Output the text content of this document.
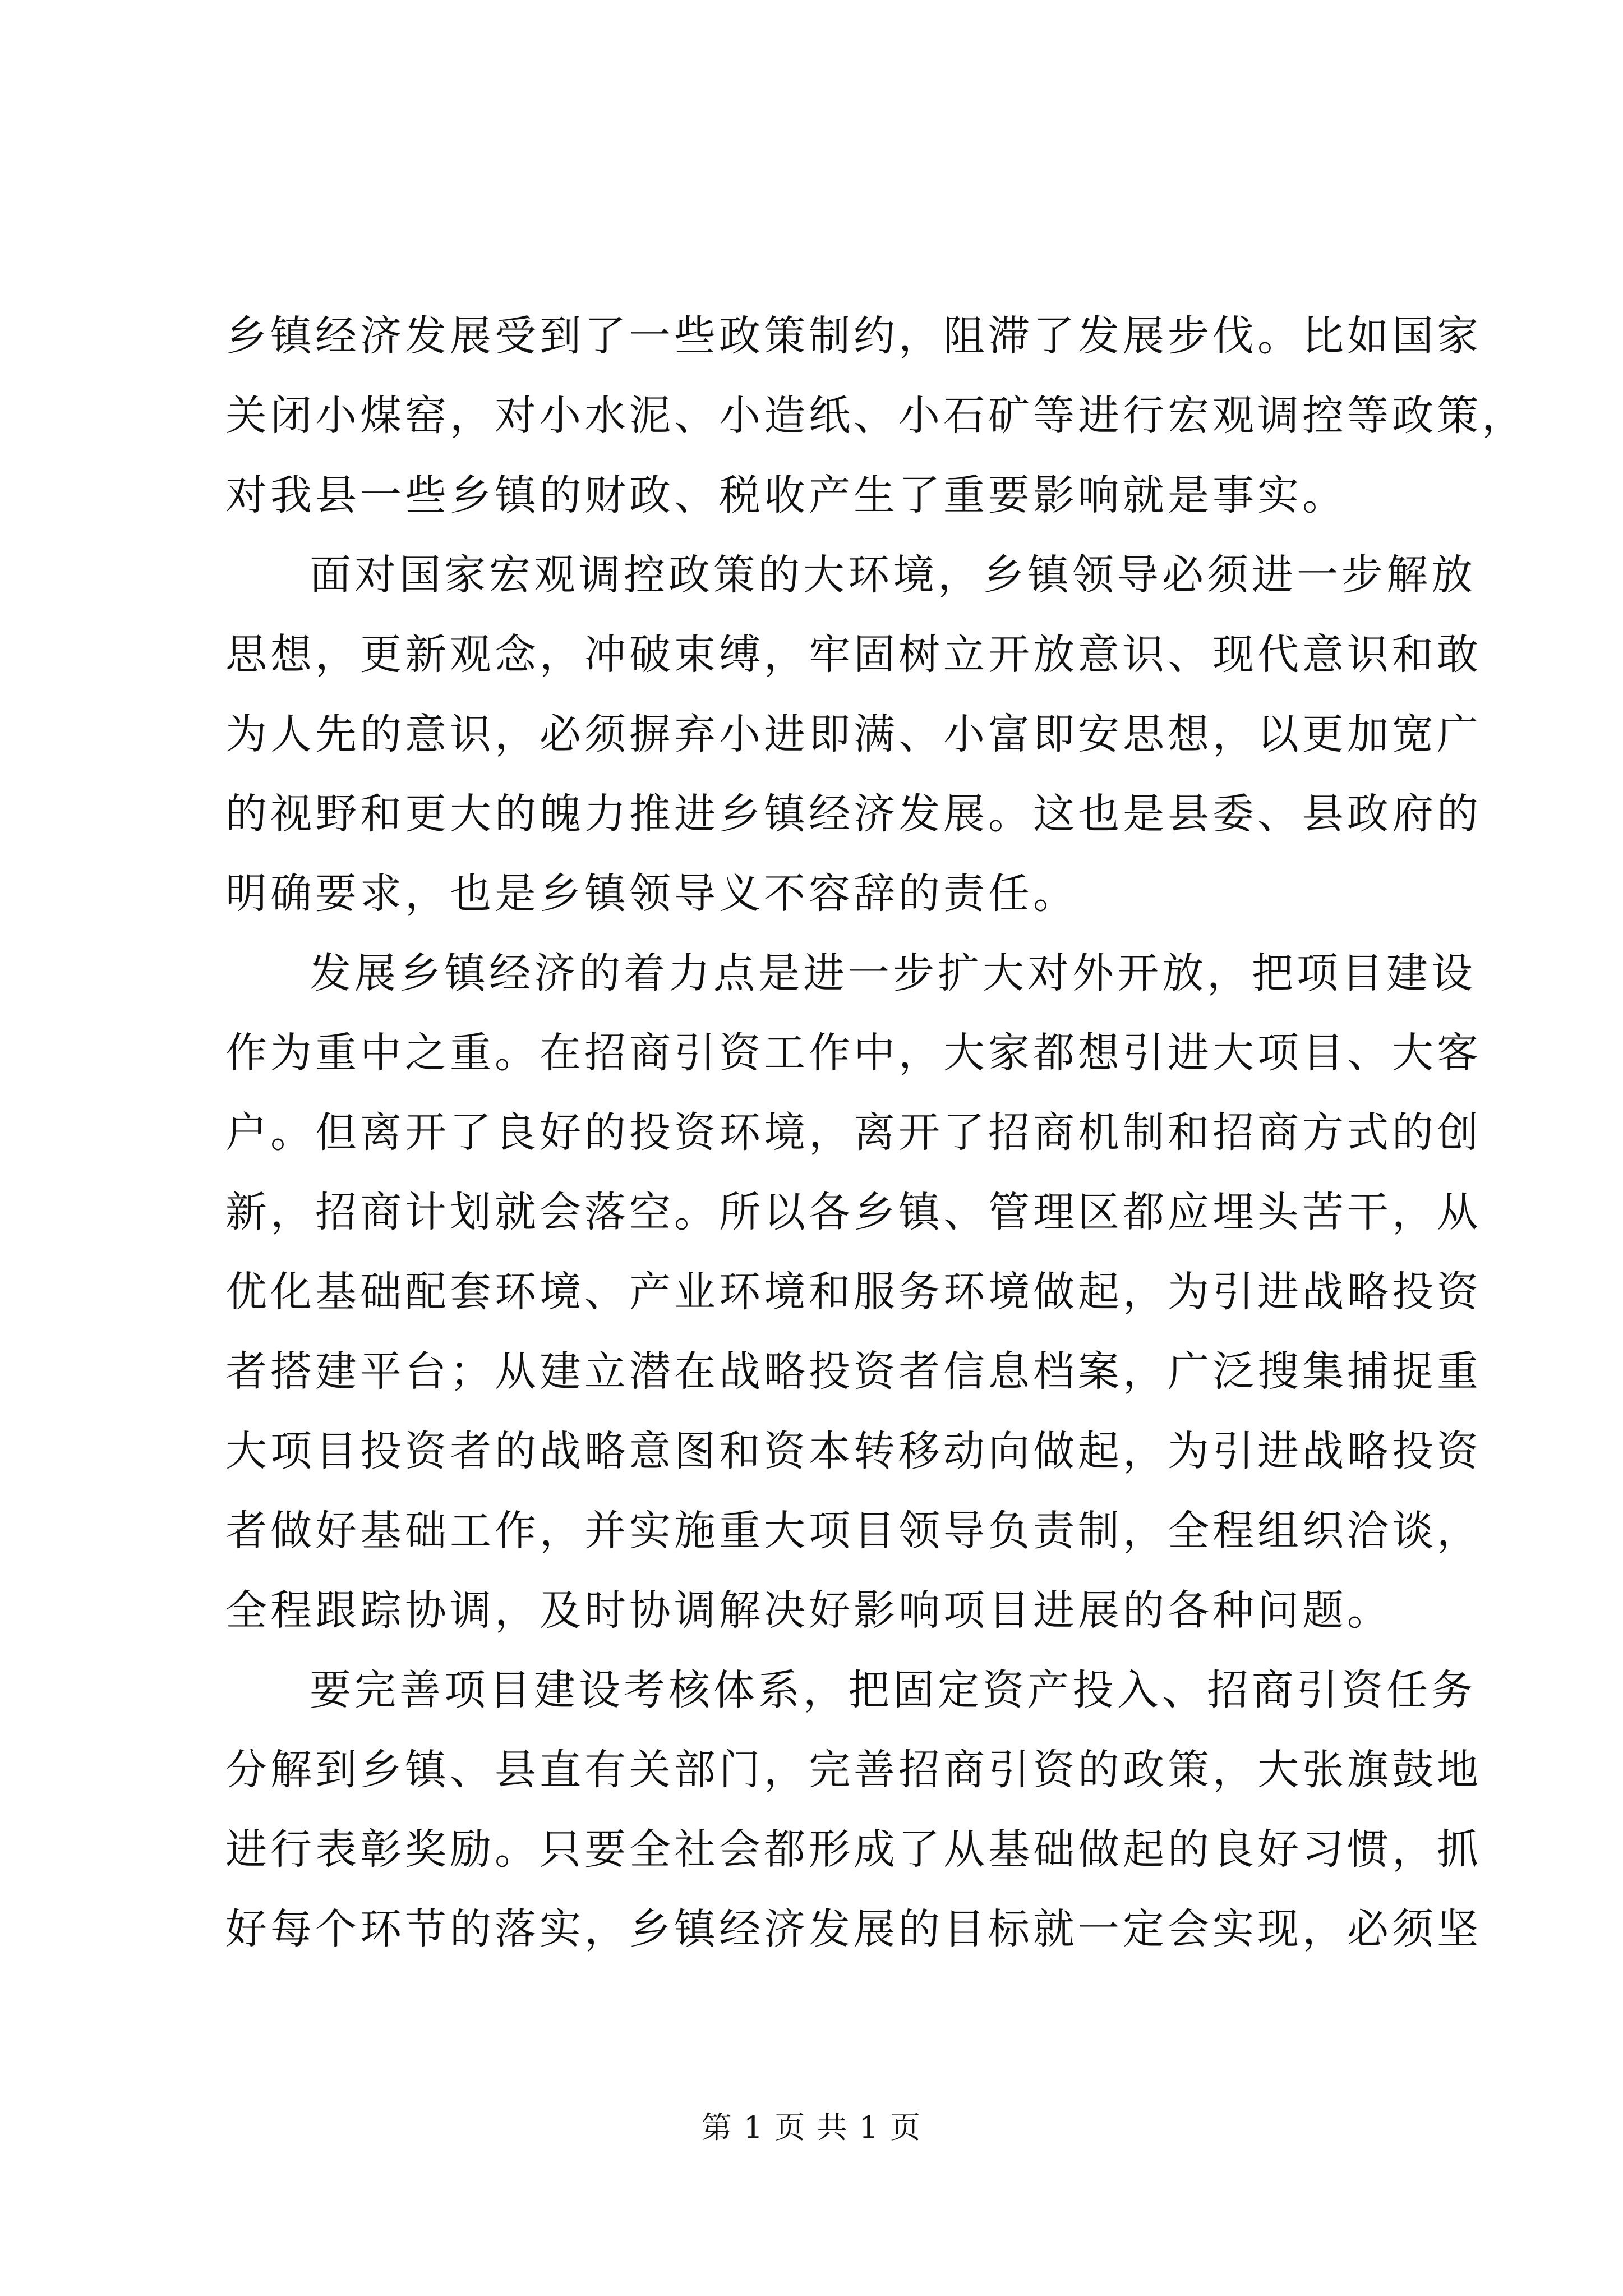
乡镇经济发展受到了一些政策制约，阻滞了发展步伐。比如国家
关闭小煤窑，对小水泥、小造纸、小石矿等进行宏观调控等政策，
对我县一些乡镇的财政、税收产生了重要影响就是事实。
面对国家宏观调控政策的大环境，乡镇领导必须进一步解放
思想，更新观念，冲破束缚，牢固树立开放意识、现代意识和敢
为人先的意识，必须摒弃小进即满、小富即安思想，以更加宽广
的视野和更大的魄力推进乡镇经济发展。这也是县委、县政府的
明确要求，也是乡镇领导义不容辞的责任。
发展乡镇经济的着力点是进一步扩大对外开放，把项目建设
作为重中之重。在招商引资工作中，大家都想引进大项目、大客
户。但离开了良好的投资环境，离开了招商机制和招商方式的创
新，招商计划就会落空。所以各乡镇、管理区都应埋头苦干，从
优化基础配套环境、产业环境和服务环境做起，为引进战略投资
者搭建平台；从建立潜在战略投资者信息档案，广泛搜集捕捉重
大项目投资者的战略意图和资本转移动向做起，为引进战略投资
者做好基础工作，并实施重大项目领导负责制，全程组织洽谈，
全程跟踪协调，及时协调解决好影响项目进展的各种问题。
要完善项目建设考核体系，把固定资产投入、招商引资任务
分解到乡镇、县直有关部门，完善招商引资的政策，大张旗鼓地
进行表彰奖励。只要全社会都形成了从基础做起的良好习惯，抓
好每个环节的落实，乡镇经济发展的目标就一定会实现，必须坚
第 1 页 共 1 页
